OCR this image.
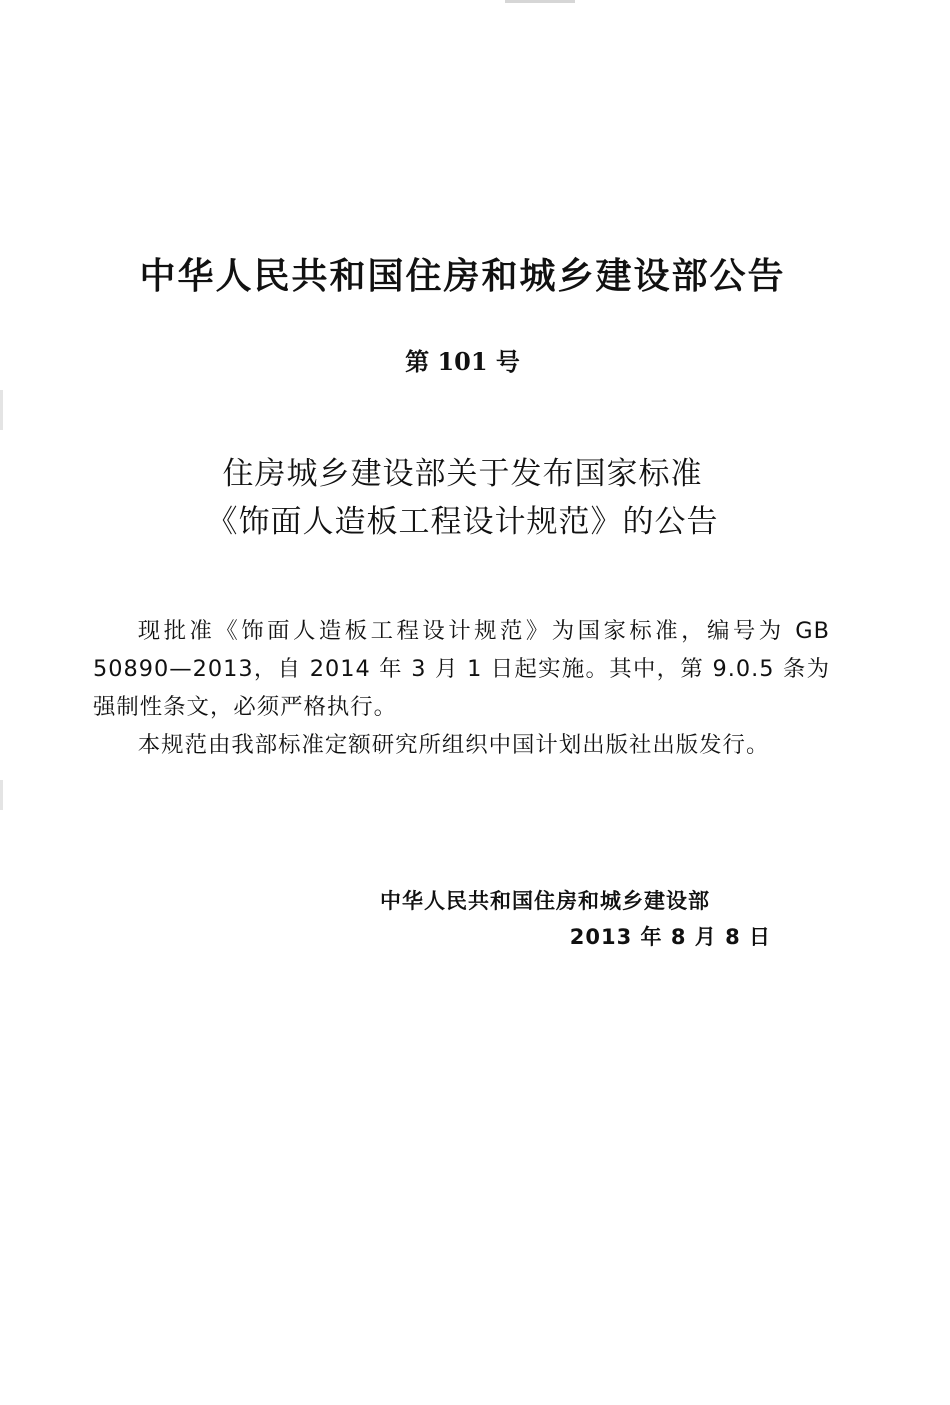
中华人民共和国住房和城乡建设部公告
第 101 号
住房城乡建设部关于发布国家标准
《饰面人造板工程设计规范》的公告

现批准《饰面人造板工程设计规范》为国家标准，编号为 GB 50890—2013，自 2014 年 3 月 1 日起实施。其中，第 9.0.5 条为强制性条文，必须严格执行。

本规范由我部标准定额研究所组织中国计划出版社出版发行。

中华人民共和国住房和城乡建设部
2013 年 8 月 8 日
